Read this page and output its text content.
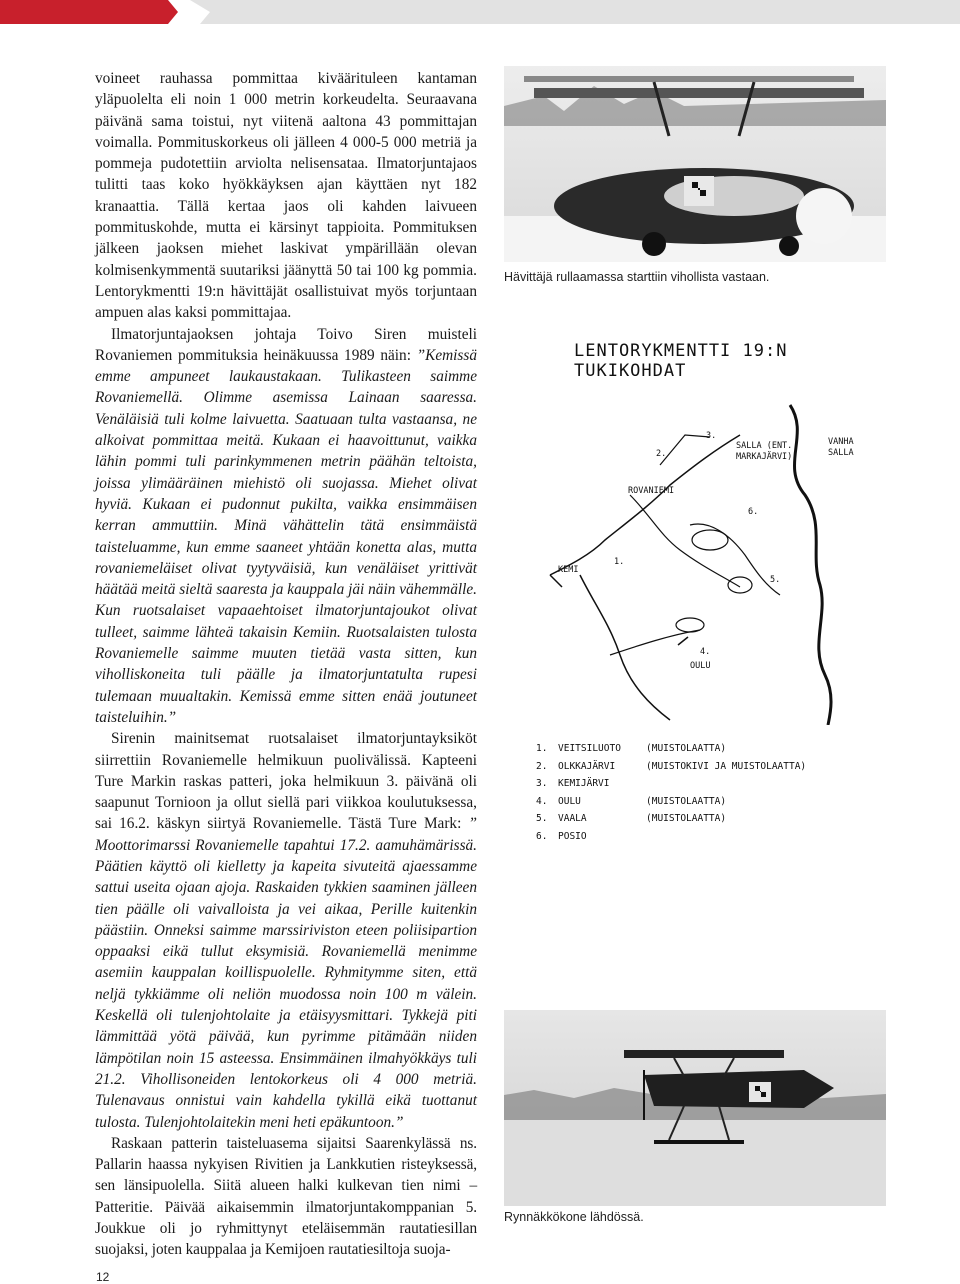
voineet rauhassa pommittaa kiväärituleen kantaman yläpuolelta eli noin 1 000 metrin korkeudelta. Seuraavana päivänä sama toistui, nyt viitenä aaltona 43 pommittajan voimalla. Pommituskorkeus oli jälleen 4 000-5 000 metriä ja pommeja pudotettiin arviolta nelisensataa. Ilmatorjuntajaos tulitti taas koko hyökkäyksen ajan käyttäen nyt 182 kranaattia. Tällä kertaa jaos oli kahden laivueen pommituskohde, mutta ei kärsinyt tappioita. Pommituksen jälkeen jaoksen miehet laskivat ympärillään olevan kolmisenkymmentä suutariksi jäänyttä 50 tai 100 kg pommia. Lentorykmentti 19:n hävittäjät osallistuivat myös torjuntaan ampuen alas kaksi pommittajaa.

Ilmatorjuntajaoksen johtaja Toivo Siren muisteli Rovaniemen pommituksia heinäkuussa 1989 näin: ”Kemissä emme ampuneet laukaustakaan. Tulikasteen saimme Rovaniemellä. Olimme asemissa Lainaan saaressa. Venäläisiä tuli kolme laivuetta. Saatuaan tulta vastaansa, ne alkoivat pommittaa meitä. Kukaan ei haavoittunut, vaikka lähin pommi tuli parinkymmenen metrin päähän teltoista, joissa ylimääräinen miehistö oli suojassa. Miehet olivat hyviä. Kukaan ei pudonnut pukilta, vaikka ensimmäisen kerran ammuttiin. Minä vähättelin tätä ensimmäistä taisteluamme, kun emme saaneet yhtään konetta alas, mutta rovaniemeläiset olivat tyytyväisiä, kun venäläiset yrittivät häätää meitä sieltä saaresta ja kauppala jäi näin vähemmälle. Kun ruotsalaiset vapaaehtoiset ilmatorjuntajoukot olivat tulleet, saimme lähteä takaisin Kemiin. Ruotsalaisten tulosta Rovaniemelle saimme muuten tietää vasta sitten, kun viholliskoneita tuli päälle ja ilmatorjuntatulta rupesi tulemaan muualtakin. Kemissä emme sitten enää joutuneet taisteluihin.”

Sirenin mainitsemat ruotsalaiset ilmatorjuntayksiköt siirrettiin Rovaniemelle helmikuun puolivälissä. Kapteeni Ture Markin raskas patteri, joka helmikuun 3. päivänä oli saapunut Tornioon ja ollut siellä pari viikkoa koulutuksessa, sai 16.2. käskyn siirtyä Rovaniemelle. Tästä Ture Mark: ” Moottorimarssi Rovaniemelle tapahtui 17.2. aamuhämärissä. Päätien käyttö oli kielletty ja kapeita sivuteitä ajaessamme sattui useita ojaan ajoja. Raskaiden tykkien saaminen jälleen tien päälle oli vaivalloista ja vei aikaa, Perille kuitenkin päästiin. Onneksi saimme marssiriviston eteen poliisipartion oppaaksi eikä tullut eksymisiä. Rovaniemellä menimme asemiin kauppalan koillispuolelle. Ryhmitymme siten, että neljä tykkiämme oli neliön muodossa noin 100 m välein. Keskellä oli tulenjohtolaite ja etäisyysmittari. Tykkejä piti lämmittää yötä päivää, kun pyrimme pitämään niiden lämpötilan noin 15 asteessa. Ensimmäinen ilmahyökkäys tuli 21.2. Vihollisoneiden lentokorkeus oli 4 000 metriä. Tulenavaus onnistui vain kahdella tykillä eikä tuottanut tulosta. Tulenjohtolaitekin meni heti epäkuntoon.”

Raskaan patterin taisteluasema sijaitsi Saarenkylässä ns. Pallarin haassa nykyisen Rivitien ja Lankkutien risteyksessä, sen länsipuolella. Siitä alueen halki kulkevan tien nimi – Patteritie. Päivää aikaisemmin ilmatorjuntakomppanian 5. Joukkue oli jo ryhmittynyt eteläisemmän rautatiesillan suojaksi, joten kauppalaa ja Kemijoen rautatiesiltoja suoja-

Hävittäjä rullaamassa starttiin vihollista vastaan.
LENTORYKMENTTI 19:N TUKIKOHDAT
SALLA (ENT.
MARKAJÄRVI)
VANHA
SALLA
ROVANIEMI
KEMI
OULU
2.
3.
6.
1.
4.
5.
1. VEITSILUOTO	(MUISTOLAATTA)
2. OLKKAJÄRVI	(MUISTOKIVI JA MUISTOLAATTA)
3. KEMIJÄRVI
4. OULU	(MUISTOLAATTA)
5. VAALA	(MUISTOLAATTA)
6. POSIO
Rynnäkkökone lähdössä.
12
